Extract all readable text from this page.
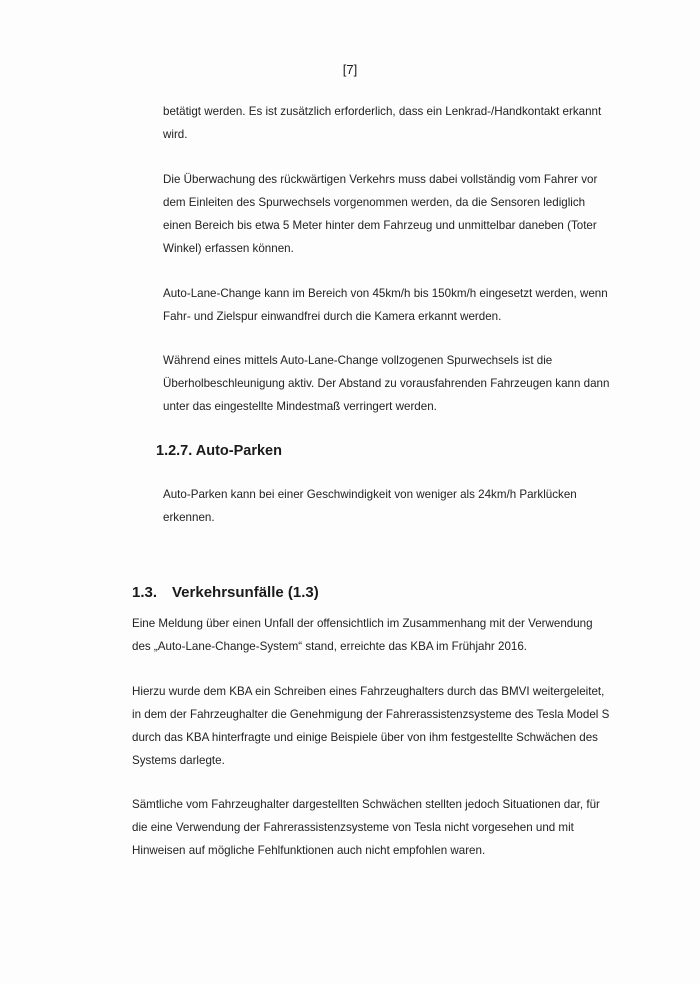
[7]

betätigt werden. Es ist zusätzlich erforderlich, dass ein Lenkrad-/Handkontakt erkannt wird.

Die Überwachung des rückwärtigen Verkehrs muss dabei vollständig vom Fahrer vor dem Einleiten des Spurwechsels vorgenommen werden, da die Sensoren lediglich einen Bereich bis etwa 5 Meter hinter dem Fahrzeug und unmittelbar daneben (Toter Winkel) erfassen können.

Auto-Lane-Change kann im Bereich von 45km/h bis 150km/h eingesetzt werden, wenn Fahr- und Zielspur einwandfrei durch die Kamera erkannt werden.

Während eines mittels Auto-Lane-Change vollzogenen Spurwechsels ist die Überholbeschleunigung aktiv. Der Abstand zu vorausfahrenden Fahrzeugen kann dann unter das eingestellte Mindestmaß verringert werden.

1.2.7. Auto-Parken

Auto-Parken kann bei einer Geschwindigkeit von weniger als 24km/h Parklücken erkennen.

1.3. Verkehrsunfälle (1.3)

Eine Meldung über einen Unfall der offensichtlich im Zusammenhang mit der Verwendung des „Auto-Lane-Change-System“ stand, erreichte das KBA im Frühjahr 2016.

Hierzu wurde dem KBA ein Schreiben eines Fahrzeughalters durch das BMVI weitergeleitet, in dem der Fahrzeughalter die Genehmigung der Fahrerassistenzsysteme des Tesla Model S durch das KBA hinterfragte und einige Beispiele über von ihm festgestellte Schwächen des Systems darlegte.

Sämtliche vom Fahrzeughalter dargestellten Schwächen stellten jedoch Situationen dar, für die eine Verwendung der Fahrerassistenzsysteme von Tesla nicht vorgesehen und mit Hinweisen auf mögliche Fehlfunktionen auch nicht empfohlen waren.
